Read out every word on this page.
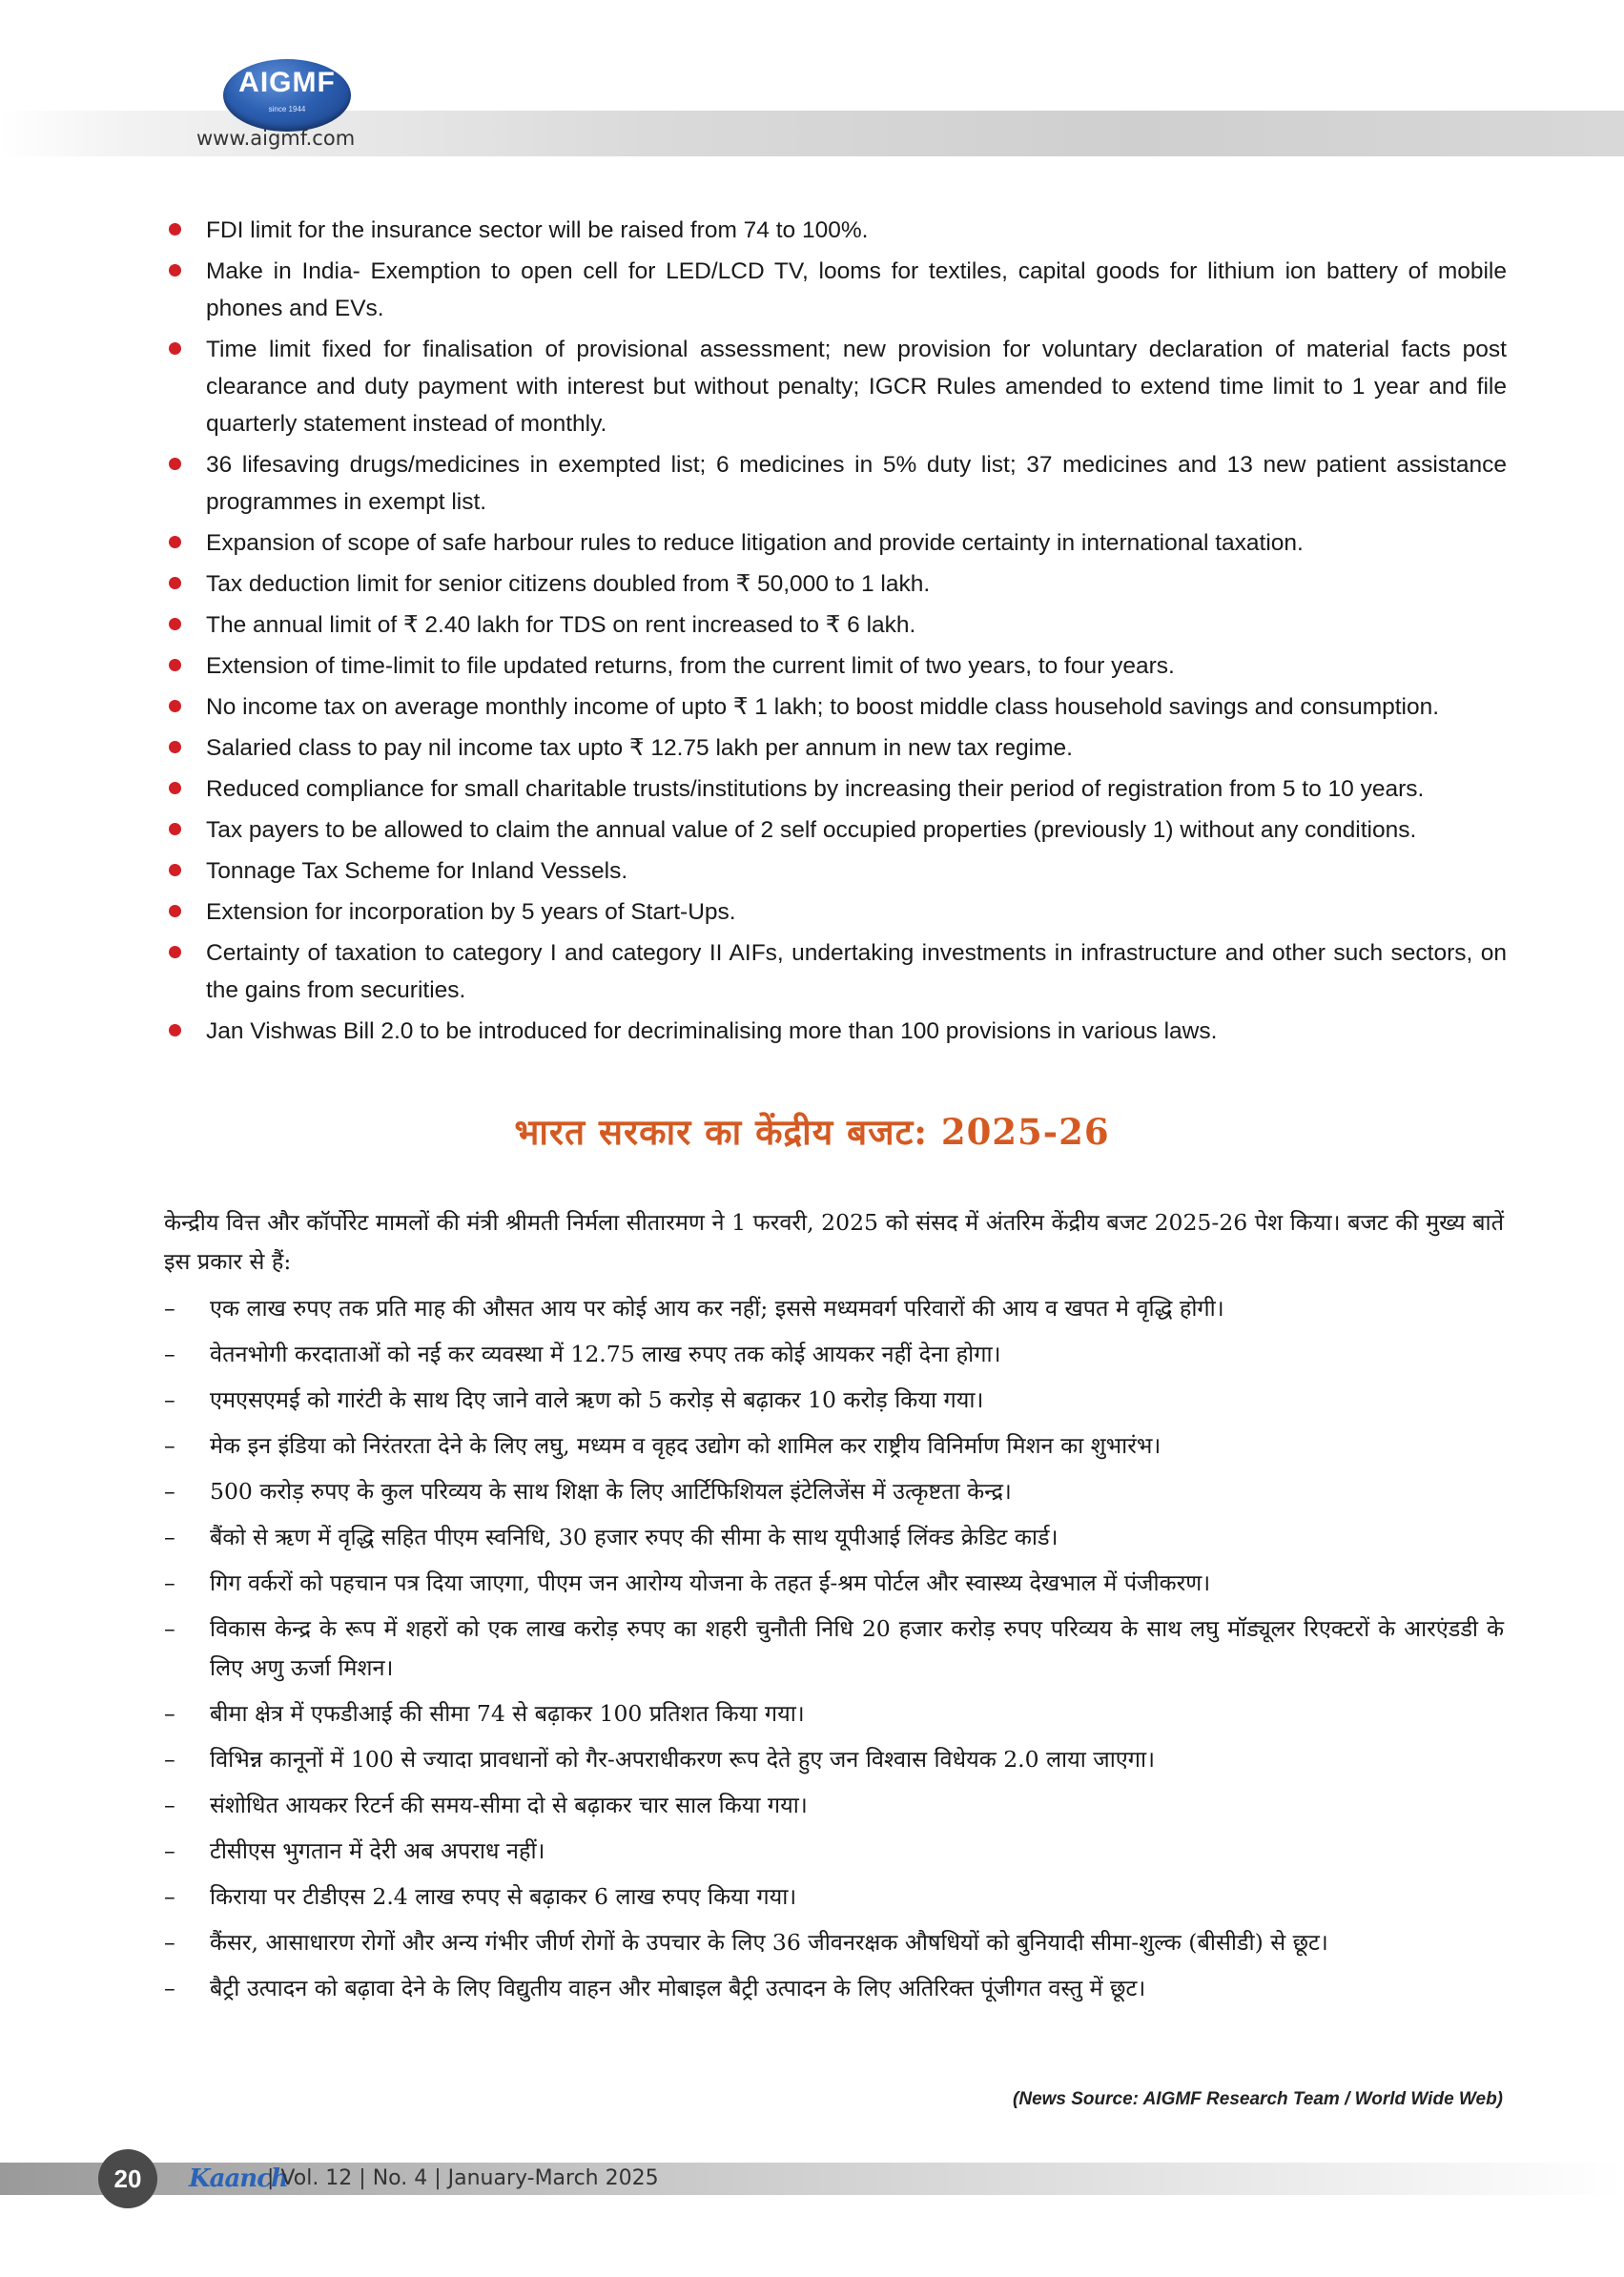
AIGMF
since 1944
www.aigmf.com
FDI limit for the insurance sector will be raised from 74 to 100%.
Make in India- Exemption to open cell for LED/LCD TV, looms for textiles, capital goods for lithium ion battery of mobile phones and EVs.
Time limit fixed for finalisation of provisional assessment; new provision for voluntary declaration of material facts post clearance and duty payment with interest but without penalty; IGCR Rules amended to extend time limit to 1 year and file quarterly statement instead of monthly.
36 lifesaving drugs/medicines in exempted list; 6 medicines in 5% duty list; 37 medicines and 13 new patient assistance programmes in exempt list.
Expansion of scope of safe harbour rules to reduce litigation and provide certainty in international taxation.
Tax deduction limit for senior citizens doubled from ₹ 50,000 to 1 lakh.
The annual limit of ₹ 2.40 lakh for TDS on rent increased to ₹ 6 lakh.
Extension of time-limit to file updated returns, from the current limit of two years, to four years.
No income tax on average monthly income of upto ₹ 1 lakh; to boost middle class household savings and consumption.
Salaried class to pay nil income tax upto ₹ 12.75 lakh per annum in new tax regime.
Reduced compliance for small charitable trusts/institutions by increasing their period of registration from 5 to 10 years.
Tax payers to be allowed to claim the annual value of 2 self occupied properties (previously 1) without any conditions.
Tonnage Tax Scheme for Inland Vessels.
Extension for incorporation by 5 years of Start-Ups.
Certainty of taxation to category I and category II AIFs, undertaking investments in infrastructure and other such sectors, on the gains from securities.
Jan Vishwas Bill 2.0 to be introduced for decriminalising more than 100 provisions in various laws.
भारत सरकार का केंद्रीय बजट: 2025-26
केन्द्रीय वित्त और कॉर्पोरेट मामलों की मंत्री श्रीमती निर्मला सीतारमण ने 1 फरवरी, 2025 को संसद में अंतरिम केंद्रीय बजट 2025-26 पेश किया। बजट की मुख्य बातें इस प्रकार से हैं:
– एक लाख रुपए तक प्रति माह की औसत आय पर कोई आय कर नहीं; इससे मध्यमवर्ग परिवारों की आय व खपत मे वृद्धि होगी।
– वेतनभोगी करदाताओं को नई कर व्यवस्था में 12.75 लाख रुपए तक कोई आयकर नहीं देना होगा।
– एमएसएमई को गारंटी के साथ दिए जाने वाले ऋण को 5 करोड़ से बढ़ाकर 10 करोड़ किया गया।
– मेक इन इंडिया को निरंतरता देने के लिए लघु, मध्यम व वृहद उद्योग को शामिल कर राष्ट्रीय विनिर्माण मिशन का शुभारंभ।
– 500 करोड़ रुपए के कुल परिव्यय के साथ शिक्षा के लिए आर्टिफिशियल इंटेलिजेंस में उत्कृष्टता केन्द्र।
– बैंको से ऋण में वृद्धि सहित पीएम स्वनिधि, 30 हजार रुपए की सीमा के साथ यूपीआई लिंक्ड क्रेडिट कार्ड।
– गिग वर्करों को पहचान पत्र दिया जाएगा, पीएम जन आरोग्य योजना के तहत ई-श्रम पोर्टल और स्वास्थ्य देखभाल में पंजीकरण।
– विकास केन्द्र के रूप में शहरों को एक लाख करोड़ रुपए का शहरी चुनौती निधि 20 हजार करोड़ रुपए परिव्यय के साथ लघु मॉड्यूलर रिएक्टरों के आरएंडडी के लिए अणु ऊर्जा मिशन।
– बीमा क्षेत्र में एफडीआई की सीमा 74 से बढ़ाकर 100 प्रतिशत किया गया।
– विभिन्न कानूनों में 100 से ज्यादा प्रावधानों को गैर-अपराधीकरण रूप देते हुए जन विश्वास विधेयक 2.0 लाया जाएगा।
– संशोधित आयकर रिटर्न की समय-सीमा दो से बढ़ाकर चार साल किया गया।
– टीसीएस भुगतान में देरी अब अपराध नहीं।
– किराया पर टीडीएस 2.4 लाख रुपए से बढ़ाकर 6 लाख रुपए किया गया।
– कैंसर, आसाधारण रोगों और अन्य गंभीर जीर्ण रोगों के उपचार के लिए 36 जीवनरक्षक औषधियों को बुनियादी सीमा-शुल्क (बीसीडी) से छूट।
– बैट्री उत्पादन को बढ़ावा देने के लिए विद्युतीय वाहन और मोबाइल बैट्री उत्पादन के लिए अतिरिक्त पूंजीगत वस्तु में छूट।
(News Source: AIGMF Research Team / World Wide Web)
20	Kaanch
| Vol. 12 | No. 4 | January-March 2025
